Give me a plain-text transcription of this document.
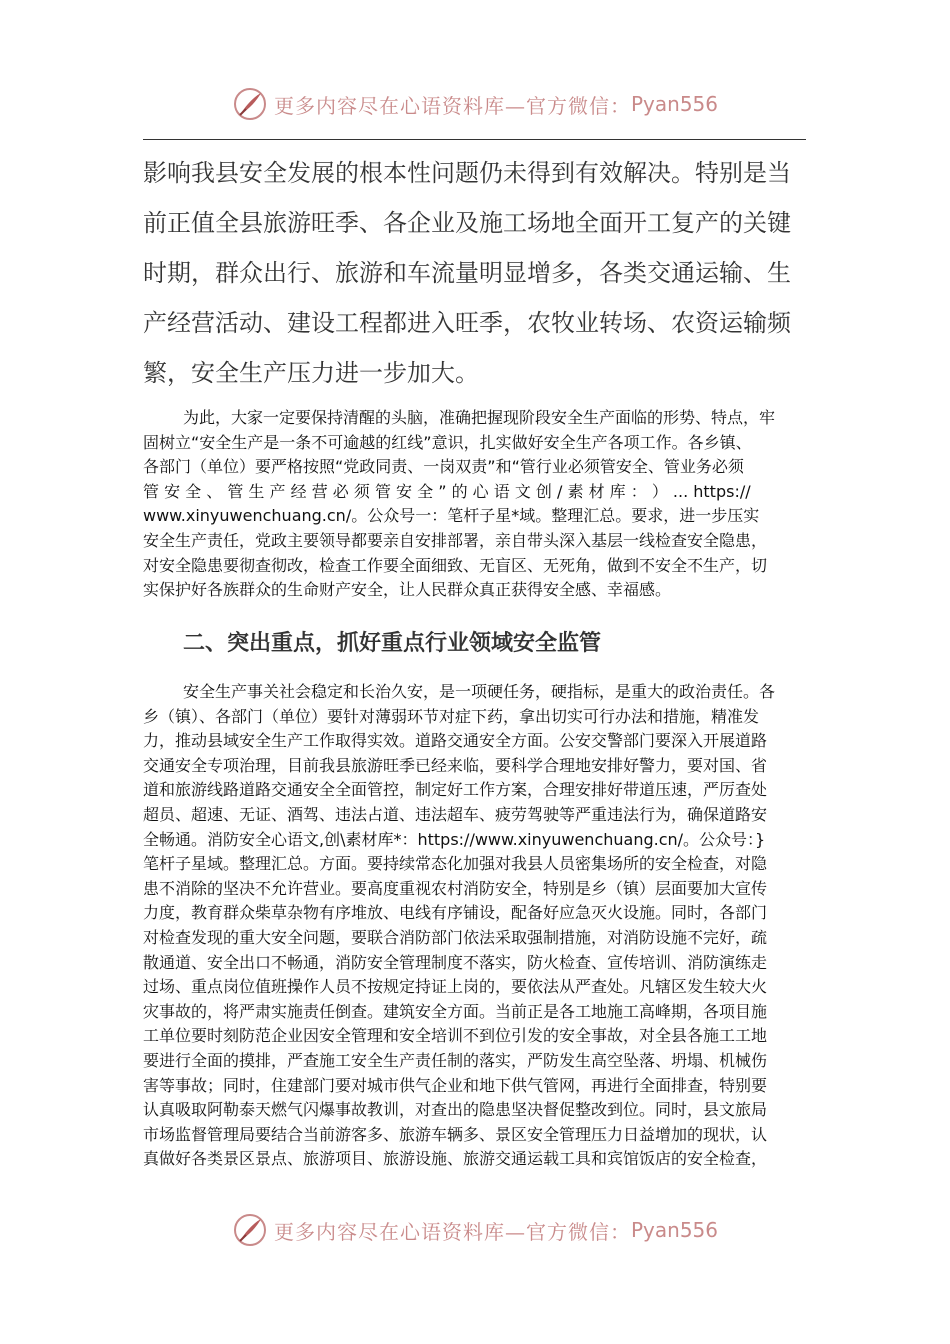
更多内容尽在心语资料库—官方微信： Pyan556
影响我县安全发展的根本性问题仍未得到有效解决。特别是当
前正值全县旅游旺季、各企业及施工场地全面开工复产的关键
时期，群众出行、旅游和车流量明显增多，各类交通运输、生
产经营活动、建设工程都进入旺季，农牧业转场、农资运输频
繁，安全生产压力进一步加大。
为此，大家一定要保持清醒的头脑，准确把握现阶段安全生产面临的形势、特点，牢
固树立“安全生产是一条不可逾越的红线”意识，扎实做好安全生产各项工作。各乡镇、
各部门（单位）要严格按照“党政同责、一岗双责”和“管行业必须管安全、管业务必须
管 安 全 、 管 生 产 经 营 必 须 管 安 全 ” 的 心 语 文 创 / 素 材 库 ： ） ... https://
www.xinyuwenchuang.cn/。公众号一：笔杆子星*域。整理汇总。要求，进一步压实
安全生产责任，党政主要领导都要亲自安排部署，亲自带头深入基层一线检查安全隐患，
对安全隐患要彻查彻改，检查工作要全面细致、无盲区、无死角，做到不安全不生产，切
实保护好各族群众的生命财产安全，让人民群众真正获得安全感、幸福感。
二、突出重点，抓好重点行业领域安全监管
安全生产事关社会稳定和长治久安，是一项硬任务，硬指标，是重大的政治责任。各
乡（镇）、各部门（单位）要针对薄弱环节对症下药，拿出切实可行办法和措施，精准发
力，推动县域安全生产工作取得实效。道路交通安全方面。公安交警部门要深入开展道路
交通安全专项治理，目前我县旅游旺季已经来临，要科学合理地安排好警力，要对国、省
道和旅游线路道路交通安全全面管控，制定好工作方案，合理安排好带道压速，严厉查处
超员、超速、无证、酒驾、违法占道、违法超车、疲劳驾驶等严重违法行为，确保道路安
全畅通。消防安全心语文,创\素材库*：https://www.xinyuwenchuang.cn/。公众号：}
笔杆子星域。整理汇总。方面。要持续常态化加强对我县人员密集场所的安全检查，对隐
患不消除的坚决不允许营业。要高度重视农村消防安全，特别是乡（镇）层面要加大宣传
力度，教育群众柴草杂物有序堆放、电线有序铺设，配备好应急灭火设施。同时，各部门
对检查发现的重大安全问题，要联合消防部门依法采取强制措施，对消防设施不完好，疏
散通道、安全出口不畅通，消防安全管理制度不落实，防火检查、宣传培训、消防演练走
过场、重点岗位值班操作人员不按规定持证上岗的，要依法从严查处。凡辖区发生较大火
灾事故的，将严肃实施责任倒查。建筑安全方面。当前正是各工地施工高峰期，各项目施
工单位要时刻防范企业因安全管理和安全培训不到位引发的安全事故，对全县各施工工地
要进行全面的摸排，严查施工安全生产责任制的落实，严防发生高空坠落、坍塌、机械伤
害等事故；同时，住建部门要对城市供气企业和地下供气管网，再进行全面排查，特别要
认真吸取阿勒泰天燃气闪爆事故教训，对查出的隐患坚决督促整改到位。同时，县文旅局
市场监督管理局要结合当前游客多、旅游车辆多、景区安全管理压力日益增加的现状，认
真做好各类景区景点、旅游项目、旅游设施、旅游交通运载工具和宾馆饭店的安全检查，
更多内容尽在心语资料库—官方微信： Pyan556
